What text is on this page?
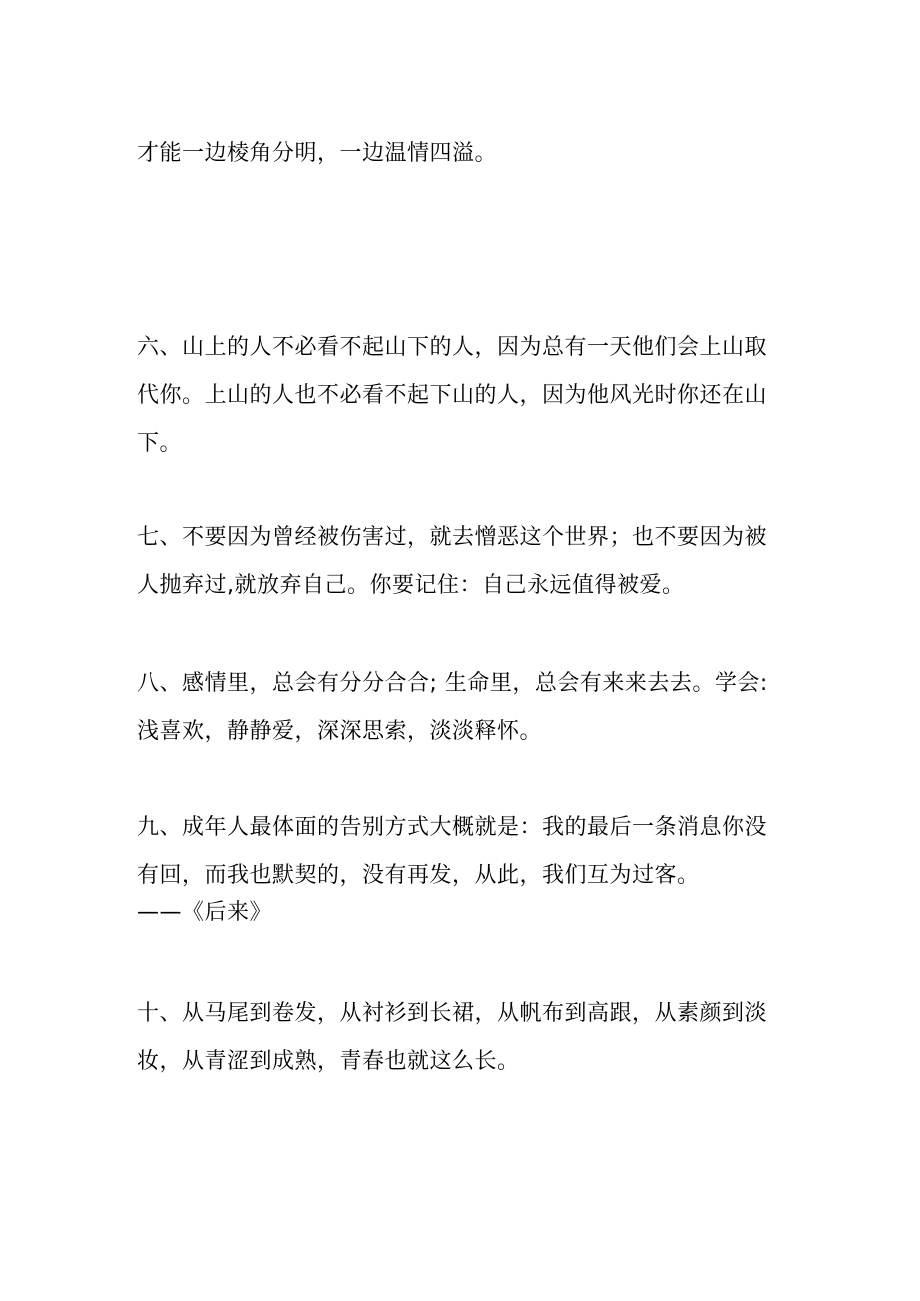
才能一边棱角分明，一边温情四溢。

六、山上的人不必看不起山下的人，因为总有一天他们会上山取
代你。上山的人也不必看不起下山的人，因为他风光时你还在山
下。

七、不要因为曾经被伤害过，就去憎恶这个世界；也不要因为被
人抛弃过,就放弃自己。你要记住：自己永远值得被爱。

八、感情里，总会有分分合合; 生命里，总会有来来去去。学会:
浅喜欢，静静爱，深深思索，淡淡释怀。

九、成年人最体面的告别方式大概就是：我的最后一条消息你没
有回，而我也默契的，没有再发，从此，我们互为过客。
——《后来》

十、从马尾到卷发，从衬衫到长裙，从帆布到高跟，从素颜到淡
妆，从青涩到成熟，青春也就这么长。
